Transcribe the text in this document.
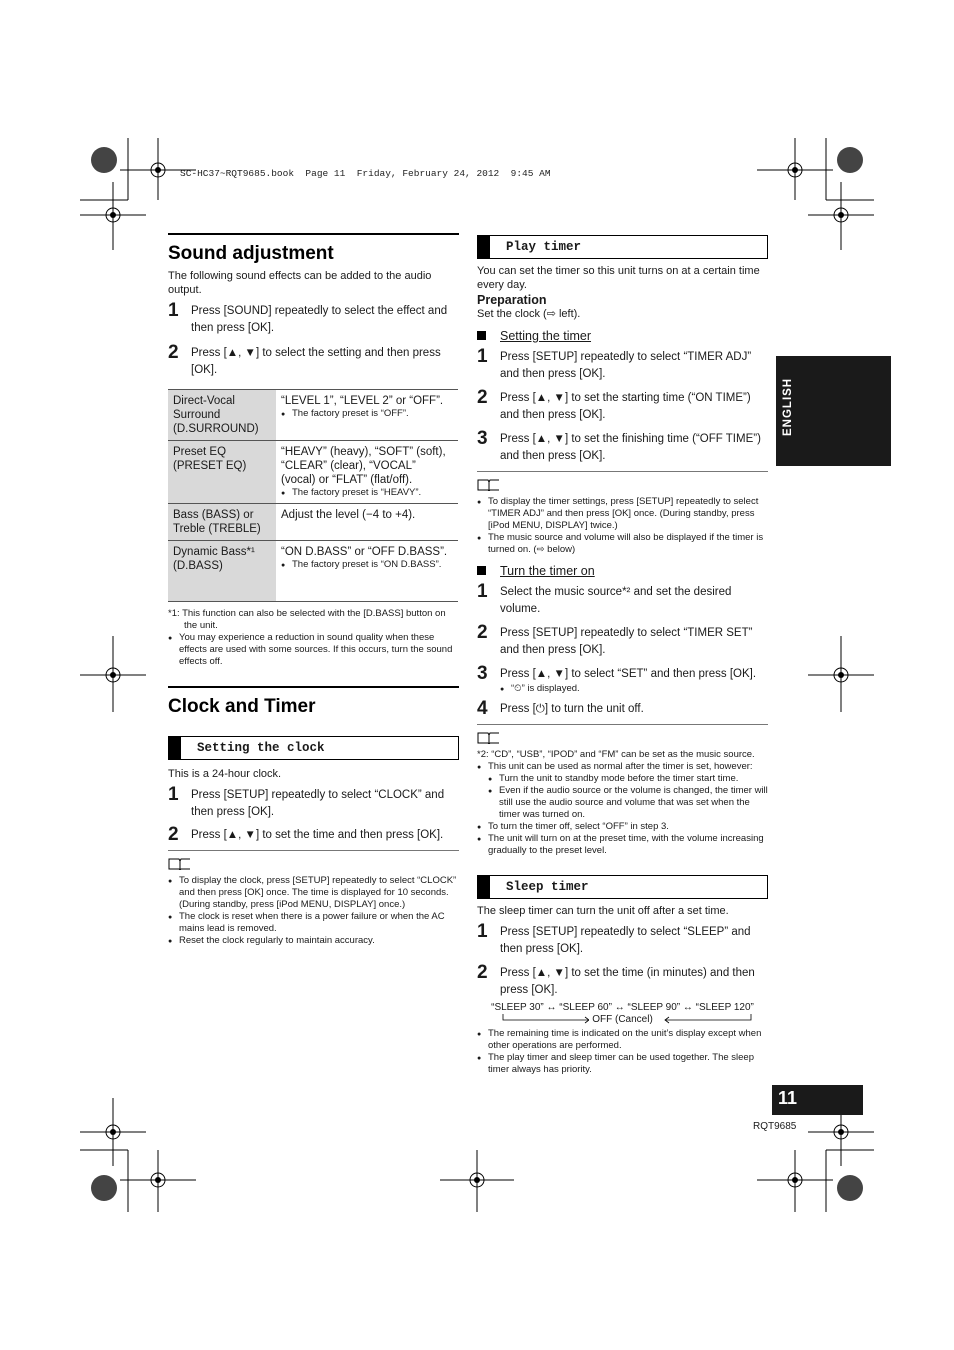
SC-HC37~RQT9685.book  Page 11  Friday, February 24, 2012  9:45 AM
Sound adjustment

The following sound effects can be added to the audio output.

1 Press [SOUND] repeatedly to select the effect and then press [OK].
2 Press [▲, ▼] to select the setting and then press [OK].
Direct-Vocal Surround (D.SURROUND)	“LEVEL 1”, “LEVEL 2” or “OFF”.
● The factory preset is “OFF”.

Preset EQ (PRESET EQ)	“HEAVY” (heavy), “SOFT” (soft), “CLEAR” (clear), “VOCAL” (vocal) or “FLAT” (flat/off).
● The factory preset is “HEAVY”.

Bass (BASS) or Treble (TREBLE)	Adjust the level (−4 to +4).

Dynamic Bass*¹ (D.BASS)	“ON D.BASS” or “OFF D.BASS”.
● The factory preset is “ON D.BASS”.

*1: This function can also be selected with the [D.BASS] button on the unit.

● You may experience a reduction in sound quality when these effects are used with some sources. If this occurs, turn the sound effects off.
Clock and Timer
Setting the clock

This is a 24-hour clock.

1 Press [SETUP] repeatedly to select “CLOCK” and then press [OK].
2 Press [▲, ▼] to set the time and then press [OK].
● To display the clock, press [SETUP] repeatedly to select “CLOCK” and then press [OK] once. The time is displayed for 10 seconds. (During standby, press [iPod MENU, DISPLAY] once.)
● The clock is reset when there is a power failure or when the AC mains lead is removed.
● Reset the clock regularly to maintain accuracy.
Play timer

You can set the timer so this unit turns on at a certain time every day.

Preparation

Set the clock (⇨ left).

Setting the timer
1 Press [SETUP] repeatedly to select “TIMER ADJ” and then press [OK].
2 Press [▲, ▼] to set the starting time (“ON TIME”) and then press [OK].
3 Press [▲, ▼] to set the finishing time (“OFF TIME”) and then press [OK].
● To display the timer settings, press [SETUP] repeatedly to select “TIMER ADJ” and then press [OK] once. (During standby, press [iPod MENU, DISPLAY] twice.)
● The music source and volume will also be displayed if the timer is turned on. (⇨ below)
Turn the timer on
1 Select the music source*² and set the desired volume.
2 Press [SETUP] repeatedly to select “TIMER SET” and then press [OK].
3 Press [▲, ▼] to select “SET” and then press [OK].
● “⏲” is displayed.
4 Press [⏻] to turn the unit off.

*2: “CD”, “USB”, “IPOD” and “FM” can be set as the music source.

● This unit can be used as normal after the timer is set, however:
● Turn the unit to standby mode before the timer start time.
● Even if the audio source or the volume is changed, the timer will still use the audio source and volume that was set when the timer was turned on.
● To turn the timer off, select “OFF” in step 3.
● The unit will turn on at the preset time, with the volume increasing gradually to the preset level.
Sleep timer

The sleep timer can turn the unit off after a set time.

1 Press [SETUP] repeatedly to select “SLEEP” and then press [OK].
2 Press [▲, ▼] to set the time (in minutes) and then press [OK].
“SLEEP 30” ↔ “SLEEP 60” ↔ “SLEEP 90” ↔ “SLEEP 120”
OFF (Cancel)
● The remaining time is indicated on the unit’s display except when other operations are performed.
● The play timer and sleep timer can be used together. The sleep timer always has priority.
ENGLISH
11
RQT9685
